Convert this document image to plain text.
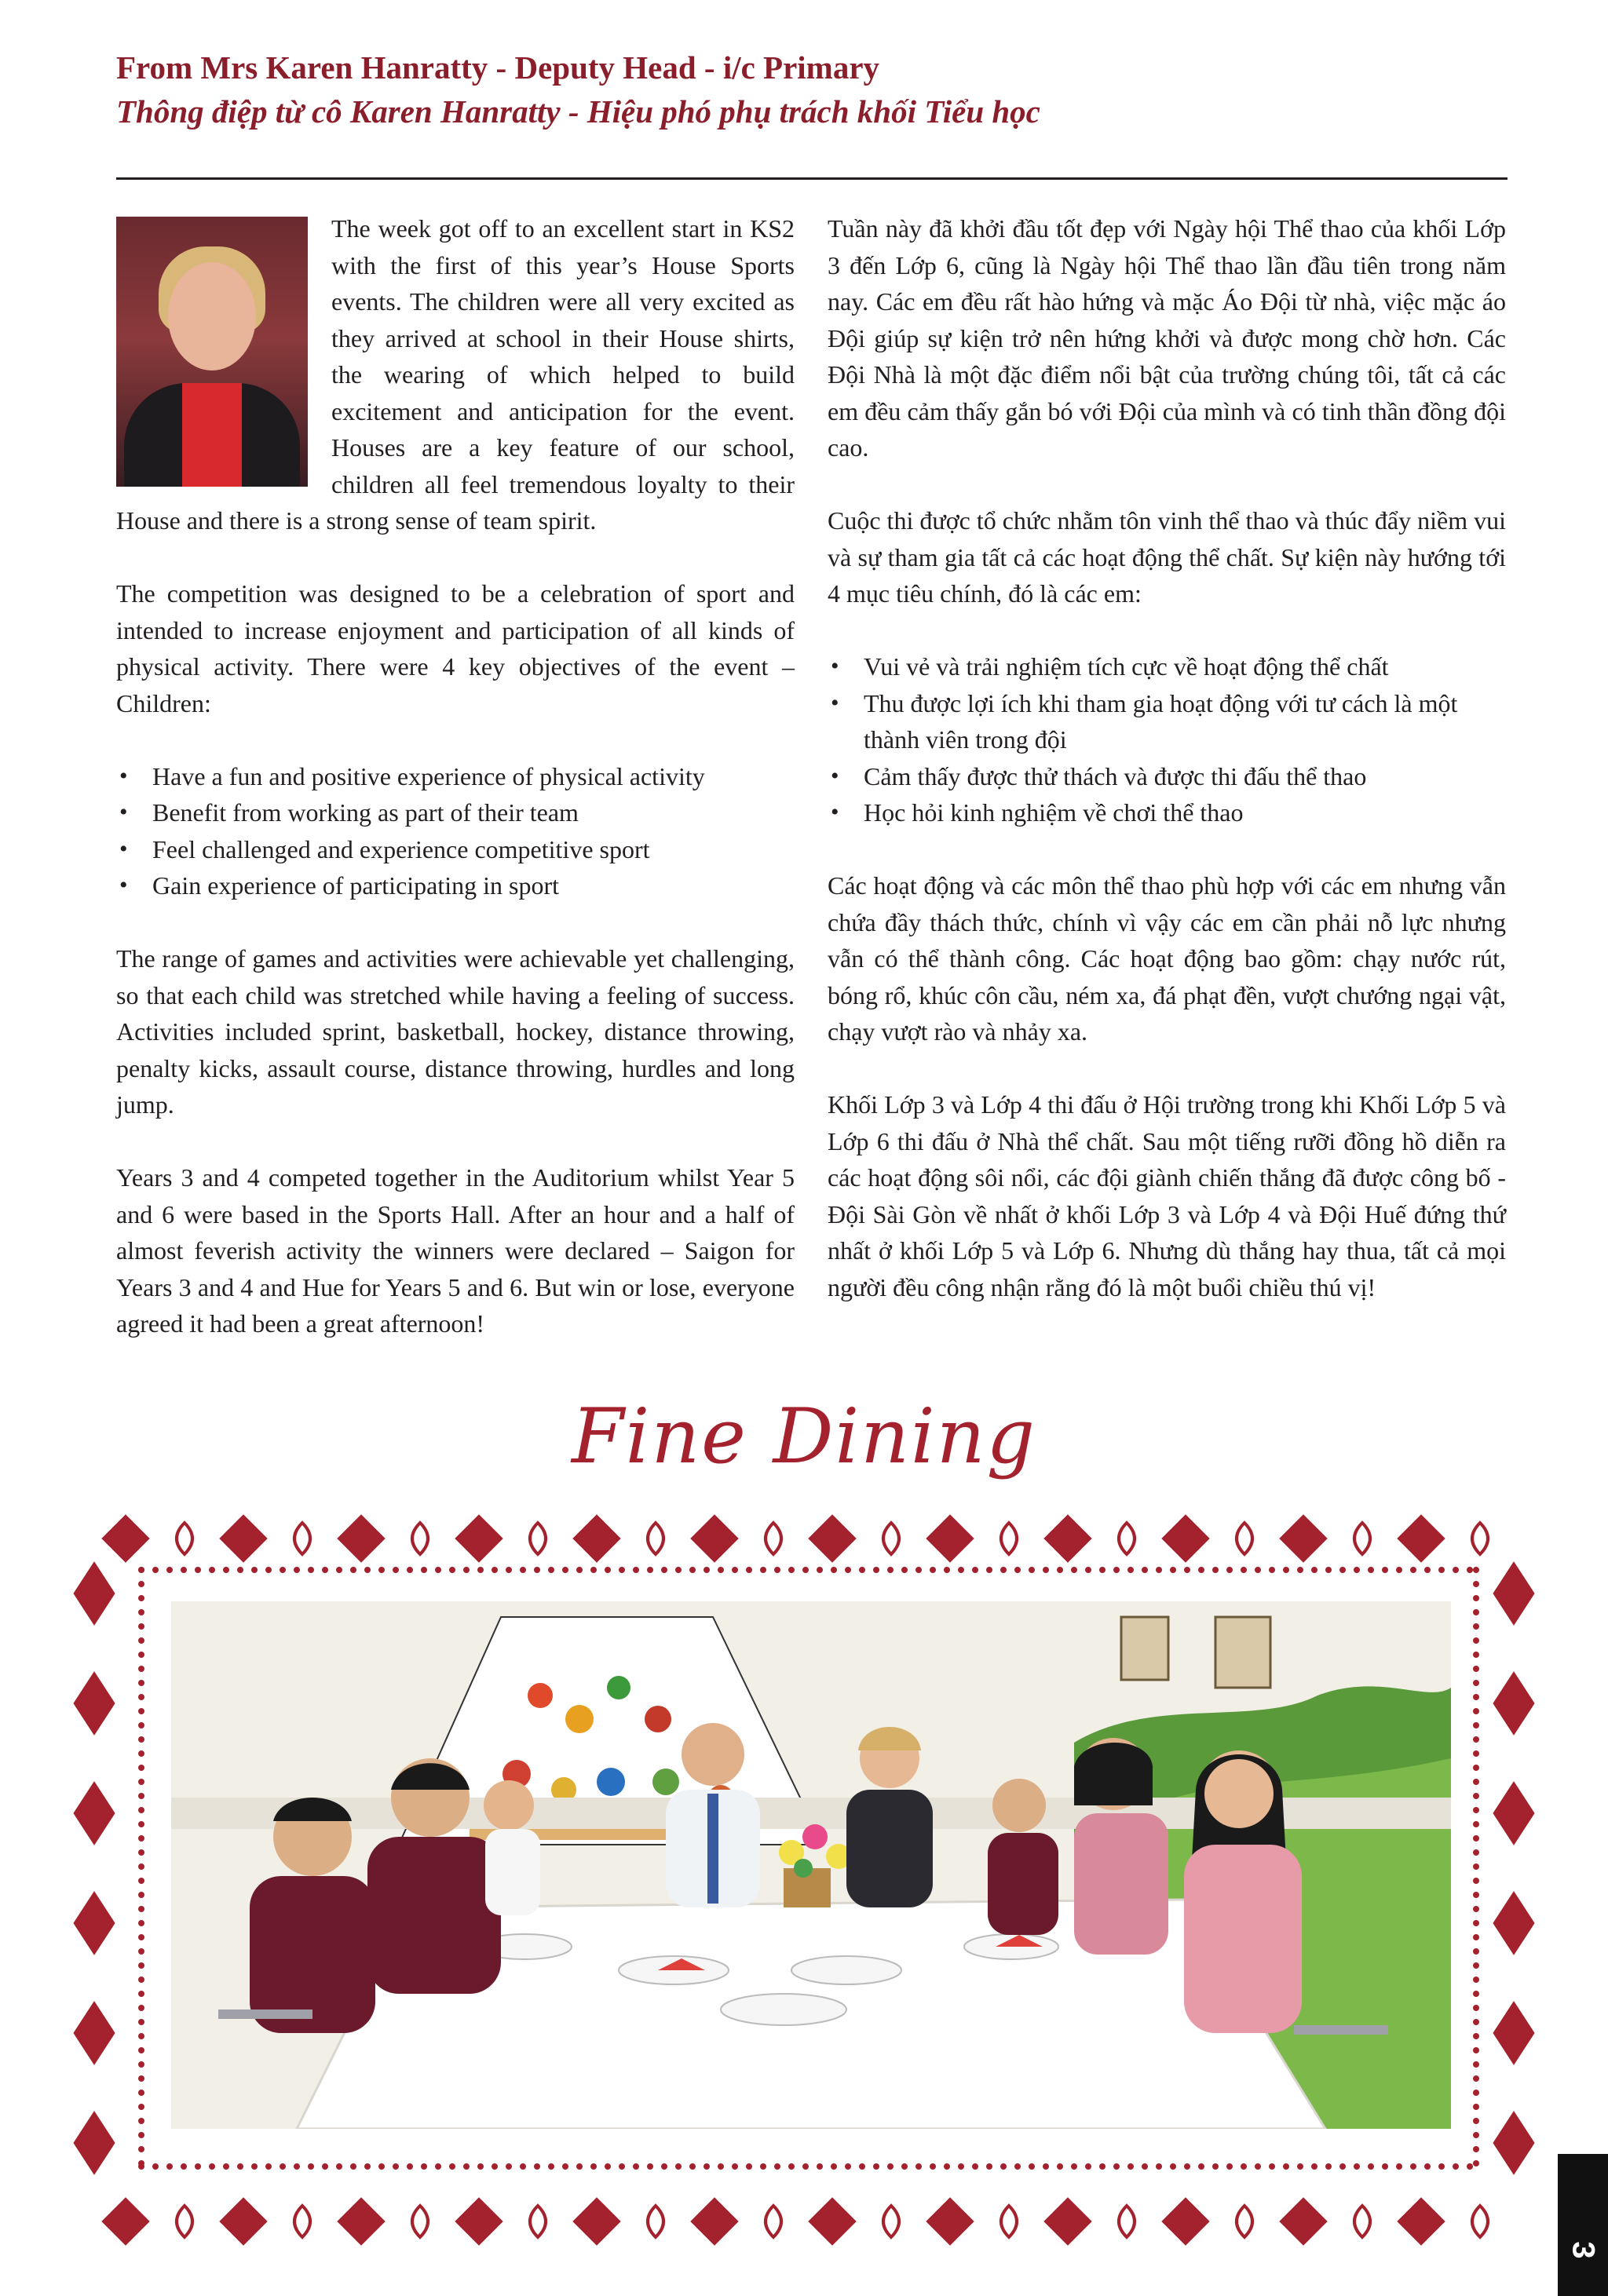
From Mrs Karen Hanratty - Deputy Head - i/c Primary
Thông điệp từ cô Karen Hanratty - Hiệu phó phụ trách khối Tiểu học

The week got off to an excellent start in KS2 with the first of this year’s House Sports events. The children were all very excited as they arrived at school in their House shirts, the wearing of which helped to build excitement and anticipation for the event. Houses are a key feature of our school, children all feel tremendous loyalty to their House and there is a strong sense of team spirit.

The competition was designed to be a celebration of sport and intended to increase enjoyment and participation of all kinds of physical activity. There were 4 key objectives of the event – Children:

• Have a fun and positive experience of physical activity
• Benefit from working as part of their team
• Feel challenged and experience competitive sport
• Gain experience of participating in sport

The range of games and activities were achievable yet challenging, so that each child was stretched while having a feeling of success. Activities included sprint, basketball, hockey, distance throwing, penalty kicks, assault course, distance throwing, hurdles and long jump.

Years 3 and 4 competed together in the Auditorium whilst Year 5 and 6 were based in the Sports Hall. After an hour and a half of almost feverish activity the winners were declared – Saigon for Years 3 and 4 and Hue for Years 5 and 6. But win or lose, everyone agreed it had been a great afternoon!

Tuần này đã khởi đầu tốt đẹp với Ngày hội Thể thao của khối Lớp 3 đến Lớp 6, cũng là Ngày hội Thể thao lần đầu tiên trong năm nay. Các em đều rất hào hứng và mặc Áo Đội từ nhà, việc mặc áo Đội giúp sự kiện trở nên hứng khởi và được mong chờ hơn. Các Đội Nhà là một đặc điểm nổi bật của trường chúng tôi, tất cả các em đều cảm thấy gắn bó với Đội của mình và có tinh thần đồng đội cao.

Cuộc thi được tổ chức nhằm tôn vinh thể thao và thúc đẩy niềm vui và sự tham gia tất cả các hoạt động thể chất. Sự kiện này hướng tới 4 mục tiêu chính, đó là các em:

• Vui vẻ và trải nghiệm tích cực về hoạt động thể chất
• Thu được lợi ích khi tham gia hoạt động với tư cách là một thành viên trong đội
• Cảm thấy được thử thách và được thi đấu thể thao
• Học hỏi kinh nghiệm về chơi thể thao

Các hoạt động và các môn thể thao phù hợp với các em nhưng vẫn chứa đầy thách thức, chính vì vậy các em cần phải nỗ lực nhưng vẫn có thể thành công. Các hoạt động bao gồm: chạy nước rút, bóng rổ, khúc côn cầu, ném xa, đá phạt đền, vượt chướng ngại vật, chạy vượt rào và nhảy xa.

Khối Lớp 3 và Lớp 4 thi đấu ở Hội trường trong khi Khối Lớp 5 và Lớp 6 thi đấu ở Nhà thể chất. Sau một tiếng rưỡi đồng hồ diễn ra các hoạt động sôi nổi, các đội giành chiến thắng đã được công bố - Đội Sài Gòn về nhất ở khối Lớp 3 và Lớp 4 và Đội Huế đứng thứ nhất ở khối Lớp 5 và Lớp 6. Nhưng dù thắng hay thua, tất cả mọi người đều công nhận rằng đó là một buổi chiều thú vị!

Fine Dining
3
